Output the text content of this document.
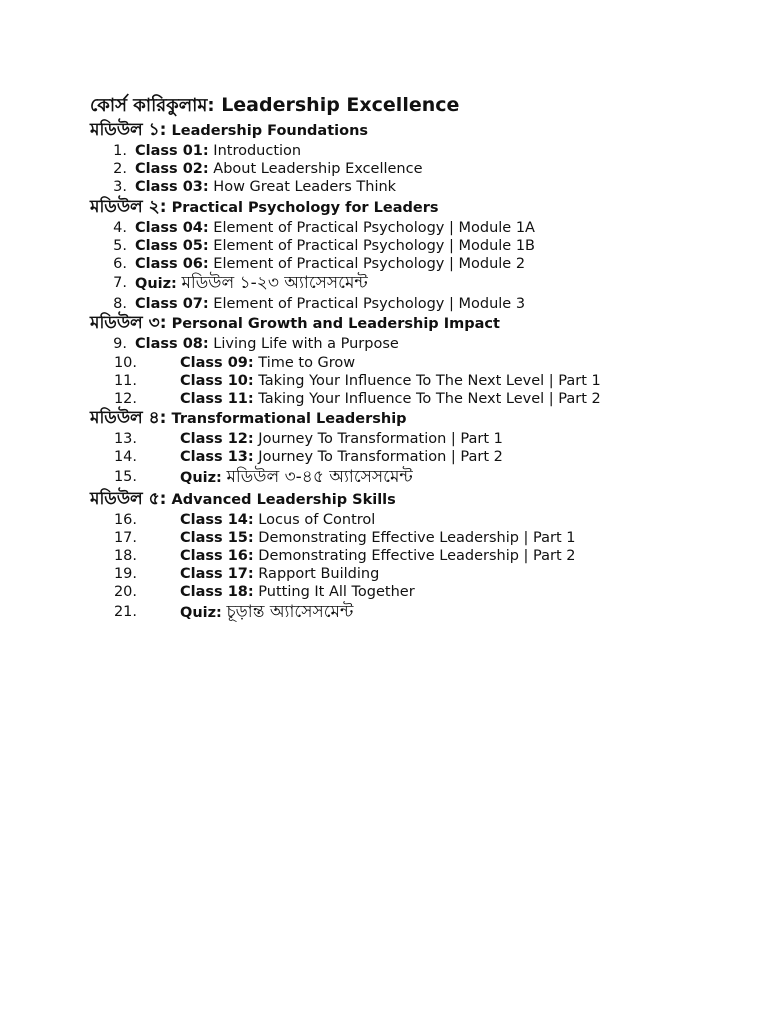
কোর্স কারিকুলাম: Leadership Excellence
মডিউল ১: Leadership Foundations
1. Class 01: Introduction
2. Class 02: About Leadership Excellence
3. Class 03: How Great Leaders Think
মডিউল ২: Practical Psychology for Leaders
4. Class 04: Element of Practical Psychology | Module 1A
5. Class 05: Element of Practical Psychology | Module 1B
6. Class 06: Element of Practical Psychology | Module 2
7. Quiz: মডিউল ১-২৩ অ্যাসেসমেন্ট
8. Class 07: Element of Practical Psychology | Module 3
মডিউল ৩: Personal Growth and Leadership Impact
9. Class 08: Living Life with a Purpose
10.	Class 09: Time to Grow
11.	Class 10: Taking Your Influence To The Next Level | Part 1
12.	Class 11: Taking Your Influence To The Next Level | Part 2
মডিউল ৪: Transformational Leadership
13.	Class 12: Journey To Transformation | Part 1
14.	Class 13: Journey To Transformation | Part 2
15.	Quiz: মডিউল ৩-৪৫ অ্যাসেসমেন্ট
মডিউল ৫: Advanced Leadership Skills
16.	Class 14: Locus of Control
17.	Class 15: Demonstrating Effective Leadership | Part 1
18.	Class 16: Demonstrating Effective Leadership | Part 2
19.	Class 17: Rapport Building
20.	Class 18: Putting It All Together
21.	Quiz: চূড়ান্ত অ্যাসেসমেন্ট
